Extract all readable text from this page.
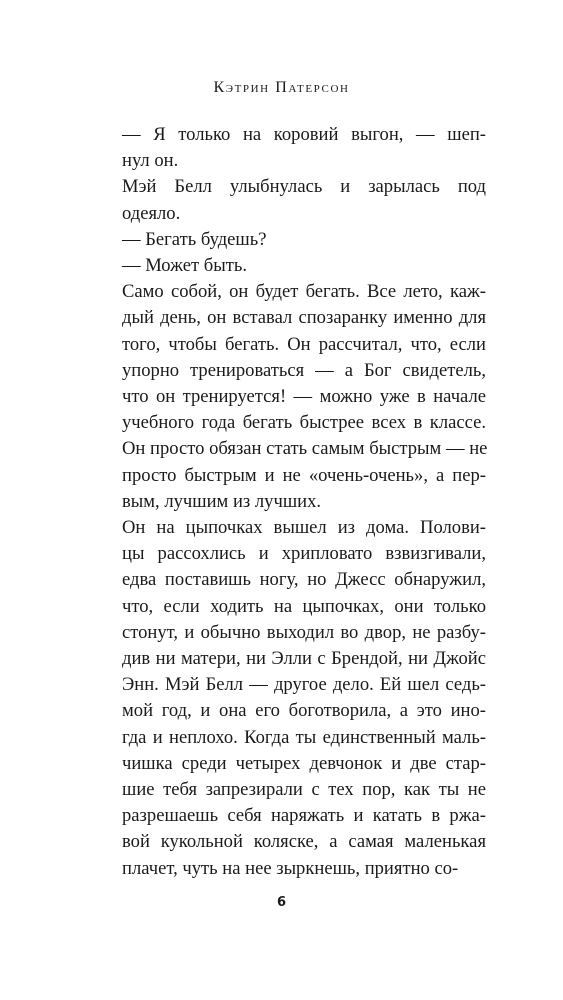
Кэтрин Патерсон
— Я только на коровий выгон, — шеп-
нул он.
Мэй Белл улыбнулась и зарылась под
одеяло.
— Бегать будешь?
— Может быть.
Само собой, он будет бегать. Все лето, каж-
дый день, он вставал спозаранку именно для
того, чтобы бегать. Он рассчитал, что, если
упорно тренироваться — а Бог свидетель,
что он тренируется! — можно уже в начале
учебного года бегать быстрее всех в классе.
Он просто обязан стать самым быстрым — не
просто быстрым и не «очень-очень», а пер-
вым, лучшим из лучших.
Он на цыпочках вышел из дома. Полови-
цы рассохлись и хрипловато взвизгивали,
едва поставишь ногу, но Джесс обнаружил,
что, если ходить на цыпочках, они только
стонут, и обычно выходил во двор, не разбу-
див ни матери, ни Элли с Брендой, ни Джойс
Энн. Мэй Белл — другое дело. Ей шел седь-
мой год, и она его боготворила, а это ино-
гда и неплохо. Когда ты единственный маль-
чишка среди четырех девчонок и две стар-
шие тебя запрезирали с тех пор, как ты не
разрешаешь себя наряжать и катать в ржа-
вой кукольной коляске, а самая маленькая
плачет, чуть на нее зыркнешь, приятно со-
6
